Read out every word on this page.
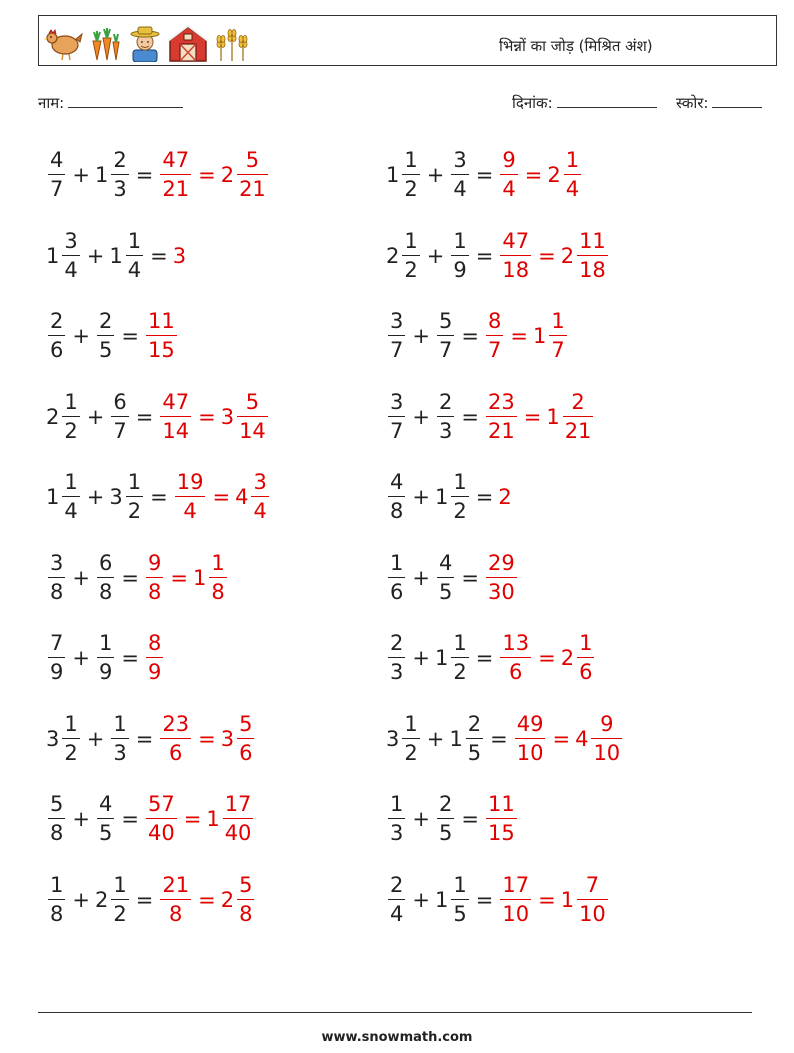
भिन्नों का जोड़ (मिश्रित अंश)
नाम:	दिनांक:	स्कोर:
$\frac{4}{7} + 1 \frac{2}{3} = \frac{47}{21} = 2 \frac{5}{21}$	$1 \frac{1}{2} + \frac{3}{4} = \frac{9}{4} = 2 \frac{1}{4}$
$1 \frac{3}{4} + 1 \frac{1}{4} = 3$	$2 \frac{1}{2} + \frac{1}{9} = \frac{47}{18} = 2 \frac{11}{18}$
$\frac{2}{6} + \frac{2}{5} = \frac{11}{15}$	$\frac{3}{7} + \frac{5}{7} = \frac{8}{7} = 1 \frac{1}{7}$
$2 \frac{1}{2} + \frac{6}{7} = \frac{47}{14} = 3 \frac{5}{14}$	$\frac{3}{7} + \frac{2}{3} = \frac{23}{21} = 1 \frac{2}{21}$
$1 \frac{1}{4} + 3 \frac{1}{2} = \frac{19}{4} = 4 \frac{3}{4}$	$\frac{4}{8} + 1 \frac{1}{2} = 2$
$\frac{3}{8} + \frac{6}{8} = \frac{9}{8} = 1 \frac{1}{8}$	$\frac{1}{6} + \frac{4}{5} = \frac{29}{30}$
$\frac{7}{9} + \frac{1}{9} = \frac{8}{9}$	$\frac{2}{3} + 1 \frac{1}{2} = \frac{13}{6} = 2 \frac{1}{6}$
$3 \frac{1}{2} + \frac{1}{3} = \frac{23}{6} = 3 \frac{5}{6}$	$3 \frac{1}{2} + 1 \frac{2}{5} = \frac{49}{10} = 4 \frac{9}{10}$
$\frac{5}{8} + \frac{4}{5} = \frac{57}{40} = 1 \frac{17}{40}$	$\frac{1}{3} + \frac{2}{5} = \frac{11}{15}$
$\frac{1}{8} + 2 \frac{1}{2} = \frac{21}{8} = 2 \frac{5}{8}$	$\frac{2}{4} + 1 \frac{1}{5} = \frac{17}{10} = 1 \frac{7}{10}$
www.snowmath.com
